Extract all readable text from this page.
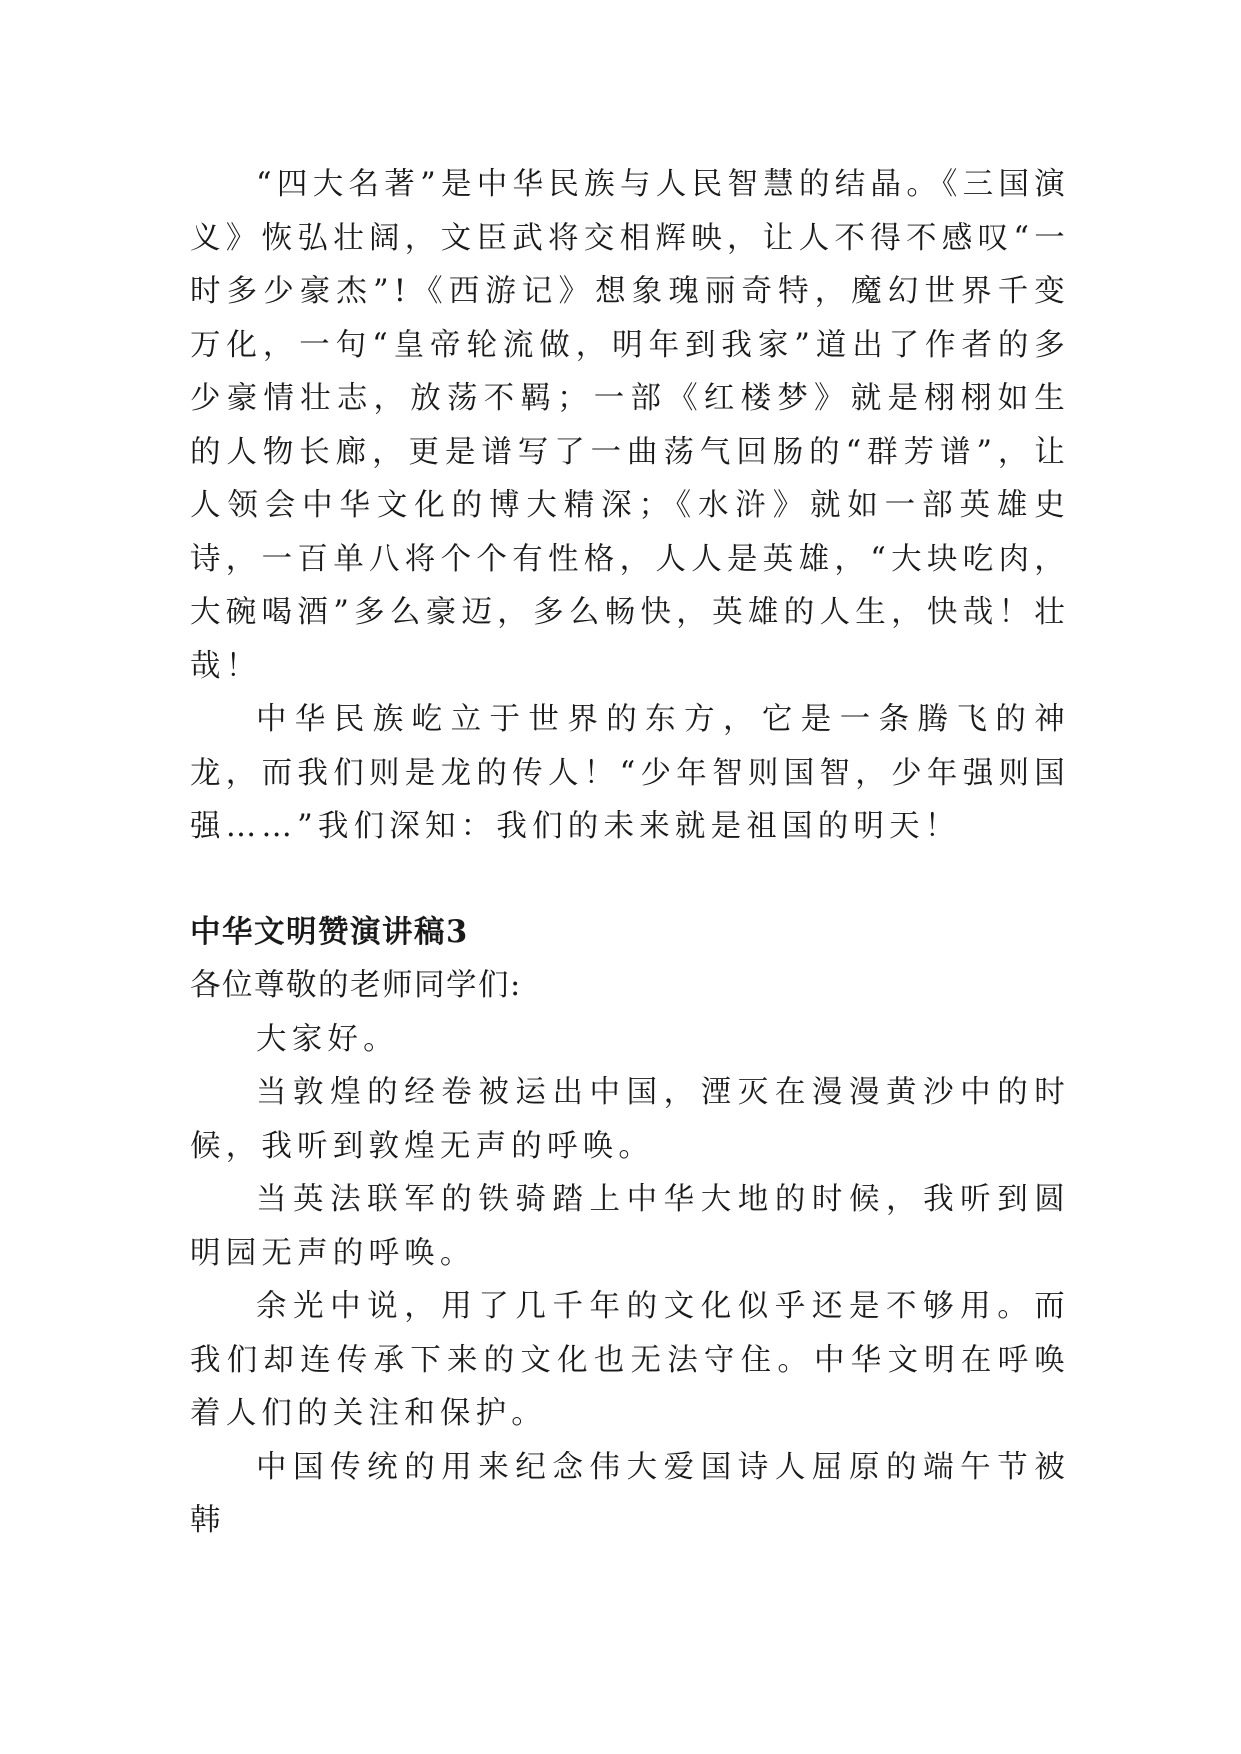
“四大名著”是中华民族与人民智慧的结晶。《三国演义》恢弘壮阔，文臣武将交相辉映，让人不得不感叹“一时多少豪杰”!《西游记》想象瑰丽奇特，魔幻世界千变万化，一句“皇帝轮流做，明年到我家”道出了作者的多少豪情壮志，放荡不羁；一部《红楼梦》就是栩栩如生的人物长廊，更是谱写了一曲荡气回肠的“群芳谱”，让人领会中华文化的博大精深；《水浒》就如一部英雄史诗，一百单八将个个有性格，人人是英雄，“大块吃肉，大碗喝酒”多么豪迈，多么畅快，英雄的人生，快哉！壮哉！

中华民族屹立于世界的东方，它是一条腾飞的神龙，而我们则是龙的传人！“少年智则国智，少年强则国强……”我们深知：我们的未来就是祖国的明天！

中华文明赞演讲稿3

各位尊敬的老师同学们:

大家好。

当敦煌的经卷被运出中国，湮灭在漫漫黄沙中的时候，我听到敦煌无声的呼唤。

当英法联军的铁骑踏上中华大地的时候，我听到圆明园无声的呼唤。

余光中说，用了几千年的文化似乎还是不够用。而我们却连传承下来的文化也无法守住。中华文明在呼唤着人们的关注和保护。

中国传统的用来纪念伟大爱国诗人屈原的端午节被韩
